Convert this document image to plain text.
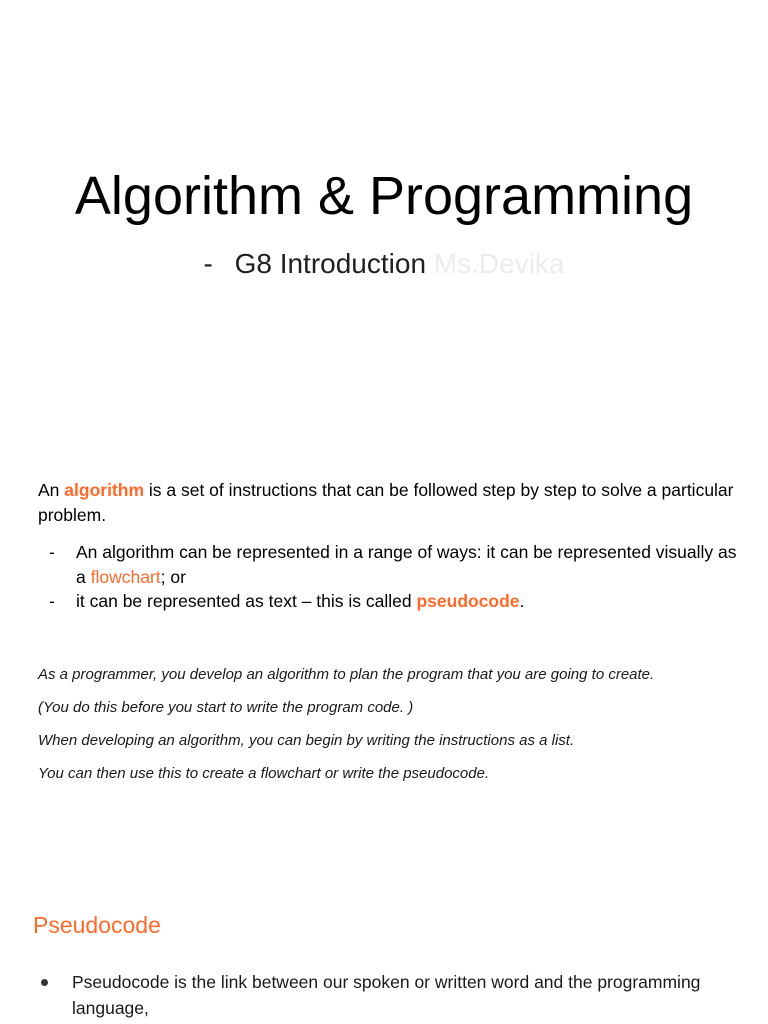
Algorithm & Programming
- G8 Introduction Ms.Devika
An algorithm is a set of instructions that can be followed step by step to solve a particular problem.
- An algorithm can be represented in a range of ways: it can be represented visually as a flowchart; or
- it can be represented as text – this is called pseudocode.

As a programmer, you develop an algorithm to plan the program that you are going to create.

(You do this before you start to write the program code. )

When developing an algorithm, you can begin by writing the instructions as a list.

You can then use this to create a flowchart or write the pseudocode.

Pseudocode
Pseudocode is the link between our spoken or written word and the programming language,
